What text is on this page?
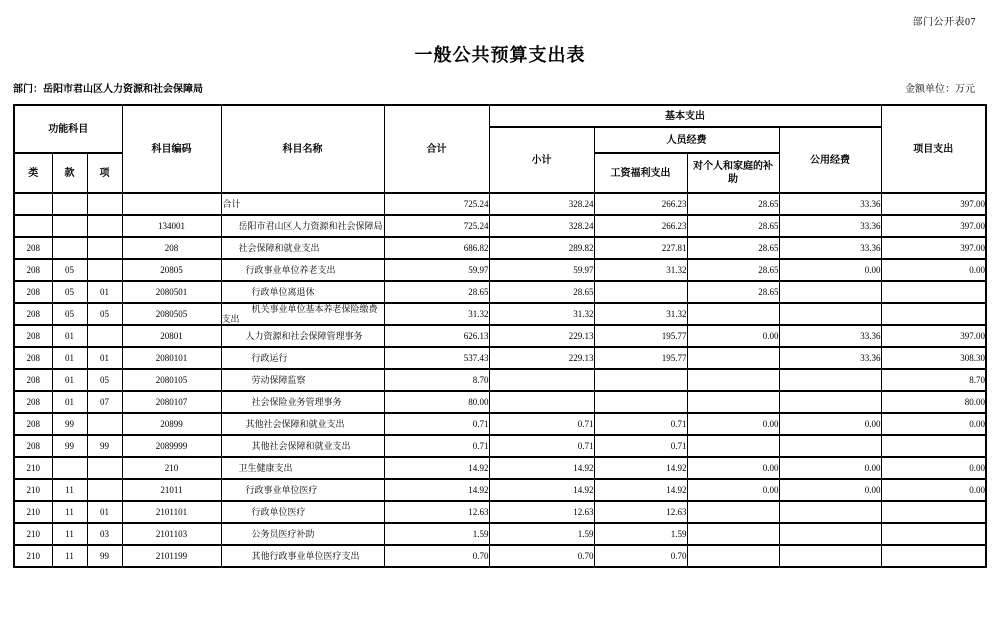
部门公开表07
一般公共预算支出表
部门：岳阳市君山区人力资源和社会保障局	金额单位：万元
功能科目			科目编码	科目名称	合计	基本支出				项目支出
						小计	人员经费		公用经费	
类	款	项					工资福利支出	对个人和家庭的补助		
				合计	725.24	328.24	266.23	28.65	33.36	397.00
			134001	岳阳市君山区人力资源和社会保障局	725.24	328.24	266.23	28.65	33.36	397.00
208			208	社会保障和就业支出	686.82	289.82	227.81	28.65	33.36	397.00
208	05		20805	行政事业单位养老支出	59.97	59.97	31.32	28.65	0.00	0.00
208	05	01	2080501	行政单位离退休	28.65	28.65		28.65		
208	05	05	2080505	机关事业单位基本养老保险缴费支出	31.32	31.32	31.32			
208	01		20801	人力资源和社会保障管理事务	626.13	229.13	195.77	0.00	33.36	397.00
208	01	01	2080101	行政运行	537.43	229.13	195.77		33.36	308.30
208	01	05	2080105	劳动保障监察	8.70					8.70
208	01	07	2080107	社会保险业务管理事务	80.00					80.00
208	99		20899	其他社会保障和就业支出	0.71	0.71	0.71	0.00	0.00	0.00
208	99	99	2089999	其他社会保障和就业支出	0.71	0.71	0.71			
210			210	卫生健康支出	14.92	14.92	14.92	0.00	0.00	0.00
210	11		21011	行政事业单位医疗	14.92	14.92	14.92	0.00	0.00	0.00
210	11	01	2101101	行政单位医疗	12.63	12.63	12.63			
210	11	03	2101103	公务员医疗补助	1.59	1.59	1.59			
210	11	99	2101199	其他行政事业单位医疗支出	0.70	0.70	0.70			
